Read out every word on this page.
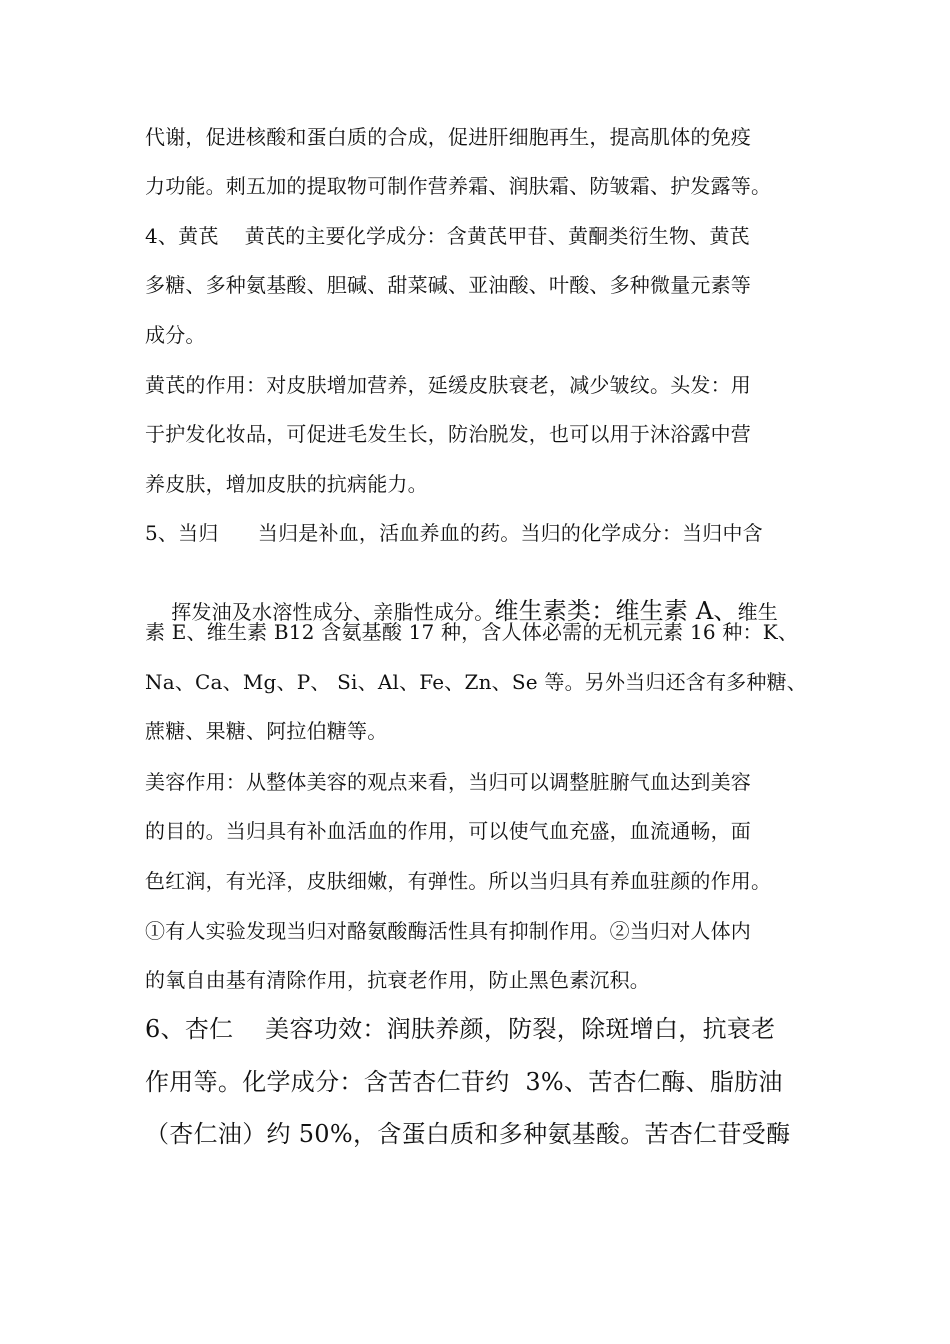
代谢，促进核酸和蛋白质的合成，促进肝细胞再生，提高肌体的免疫
力功能。刺五加的提取物可制作营养霜、润肤霜、防皱霜、护发露等。
4、黄芪    黄芪的主要化学成分：含黄芪甲苷、黄酮类衍生物、黄芪
多糖、多种氨基酸、胆碱、甜菜碱、亚油酸、叶酸、多种微量元素等
成分。
黄芪的作用：对皮肤增加营养，延缓皮肤衰老，减少皱纹。头发：用
于护发化妆品，可促进毛发生长，防治脱发，也可以用于沐浴露中营
养皮肤，增加皮肤的抗病能力。
5、当归      当归是补血，活血养血的药。当归的化学成分：当归中含

挥发油及水溶性成分、亲脂性成分。维生素类：维生素 A、维生

素 E、维生素 B12 含氨基酸 17 种，含人体必需的无机元素 16 种：K、
Na、Ca、Mg、P、 Si、Al、Fe、Zn、Se 等。另外当归还含有多种糖、
蔗糖、果糖、阿拉伯糖等。
美容作用：从整体美容的观点来看，当归可以调整脏腑气血达到美容
的目的。当归具有补血活血的作用，可以使气血充盛，血流通畅，面
色红润，有光泽，皮肤细嫩，有弹性。所以当归具有养血驻颜的作用。
①有人实验发现当归对酪氨酸酶活性具有抑制作用。②当归对人体内
的氧自由基有清除作用，抗衰老作用，防止黑色素沉积。
6、杏仁    美容功效：润肤养颜，防裂，除斑增白，抗衰老
作用等。化学成分：含苦杏仁苷约  3%、苦杏仁酶、脂肪油
（杏仁油）约 50%，含蛋白质和多种氨基酸。苦杏仁苷受酶
